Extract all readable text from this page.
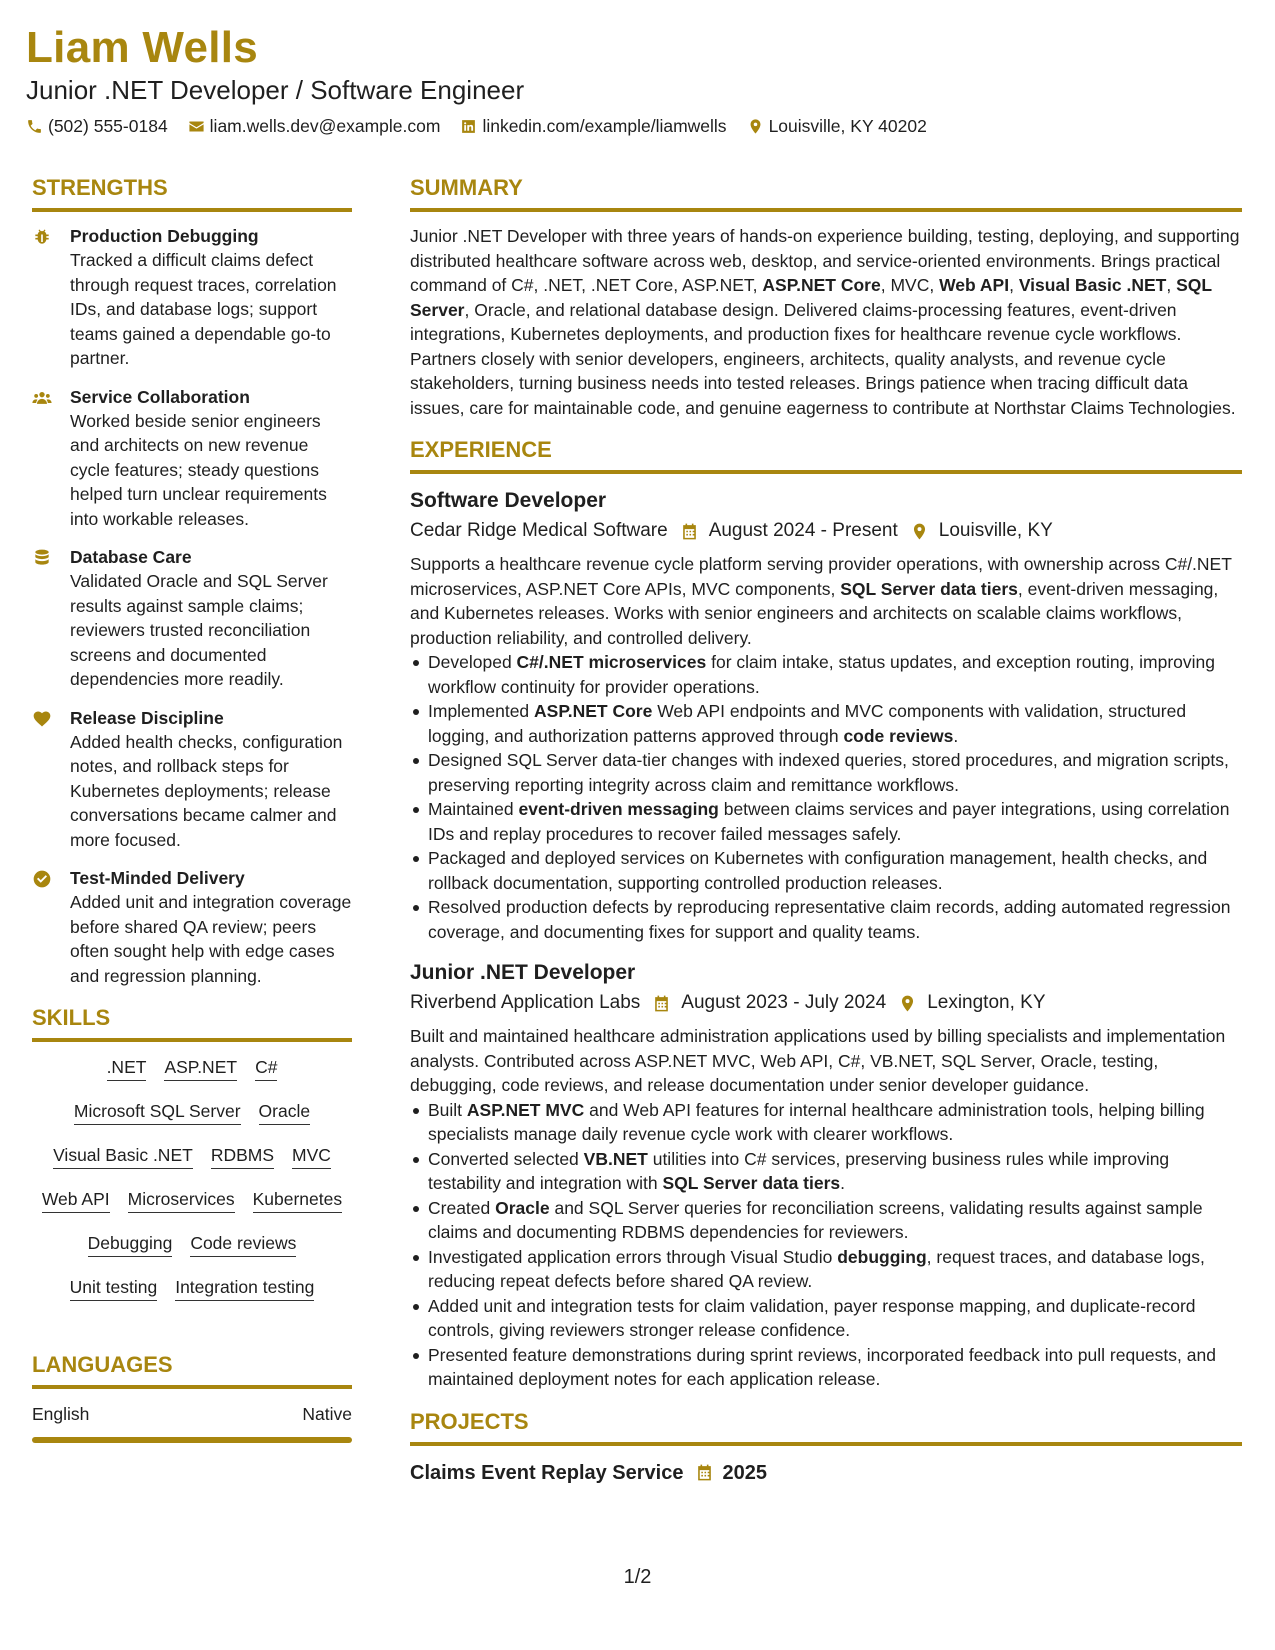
Liam Wells
Junior .NET Developer / Software Engineer
(502) 555-0184 liam.wells.dev@example.com linkedin.com/example/liamwells Louisville, KY 40202
STRENGTHS
Production Debugging
Tracked a difficult claims defect through request traces, correlation IDs, and database logs; support teams gained a dependable go-to partner.
Service Collaboration
Worked beside senior engineers and architects on new revenue cycle features; steady questions helped turn unclear requirements into workable releases.
Database Care
Validated Oracle and SQL Server results against sample claims; reviewers trusted reconciliation screens and documented dependencies more readily.
Release Discipline
Added health checks, configuration notes, and rollback steps for Kubernetes deployments; release conversations became calmer and more focused.
Test-Minded Delivery
Added unit and integration coverage before shared QA review; peers often sought help with edge cases and regression planning.
SKILLS
.NET ASP.NET C#
Microsoft SQL Server Oracle
Visual Basic .NET RDBMS MVC
Web API Microservices Kubernetes
Debugging Code reviews
Unit testing Integration testing
LANGUAGES
English	Native
SUMMARY
Junior .NET Developer with three years of hands-on experience building, testing, deploying, and supporting distributed healthcare software across web, desktop, and service-oriented environments. Brings practical command of C#, .NET, .NET Core, ASP.NET, ASP.NET Core, MVC, Web API, Visual Basic .NET, SQL Server, Oracle, and relational database design. Delivered claims-processing features, event-driven integrations, Kubernetes deployments, and production fixes for healthcare revenue cycle workflows. Partners closely with senior developers, engineers, architects, quality analysts, and revenue cycle stakeholders, turning business needs into tested releases. Brings patience when tracing difficult data issues, care for maintainable code, and genuine eagerness to contribute at Northstar Claims Technologies.
EXPERIENCE
Software Developer
Cedar Ridge Medical Software August 2024 - Present Louisville, KY
Supports a healthcare revenue cycle platform serving provider operations, with ownership across C#/.NET microservices, ASP.NET Core APIs, MVC components, SQL Server data tiers, event-driven messaging, and Kubernetes releases. Works with senior engineers and architects on scalable claims workflows, production reliability, and controlled delivery.
Developed C#/.NET microservices for claim intake, status updates, and exception routing, improving workflow continuity for provider operations.
Implemented ASP.NET Core Web API endpoints and MVC components with validation, structured logging, and authorization patterns approved through code reviews.
Designed SQL Server data-tier changes with indexed queries, stored procedures, and migration scripts, preserving reporting integrity across claim and remittance workflows.
Maintained event-driven messaging between claims services and payer integrations, using correlation IDs and replay procedures to recover failed messages safely.
Packaged and deployed services on Kubernetes with configuration management, health checks, and rollback documentation, supporting controlled production releases.
Resolved production defects by reproducing representative claim records, adding automated regression coverage, and documenting fixes for support and quality teams.
Junior .NET Developer
Riverbend Application Labs August 2023 - July 2024 Lexington, KY
Built and maintained healthcare administration applications used by billing specialists and implementation analysts. Contributed across ASP.NET MVC, Web API, C#, VB.NET, SQL Server, Oracle, testing, debugging, code reviews, and release documentation under senior developer guidance.
Built ASP.NET MVC and Web API features for internal healthcare administration tools, helping billing specialists manage daily revenue cycle work with clearer workflows.
Converted selected VB.NET utilities into C# services, preserving business rules while improving testability and integration with SQL Server data tiers.
Created Oracle and SQL Server queries for reconciliation screens, validating results against sample claims and documenting RDBMS dependencies for reviewers.
Investigated application errors through Visual Studio debugging, request traces, and database logs, reducing repeat defects before shared QA review.
Added unit and integration tests for claim validation, payer response mapping, and duplicate-record controls, giving reviewers stronger release confidence.
Presented feature demonstrations during sprint reviews, incorporated feedback into pull requests, and maintained deployment notes for each application release.
PROJECTS
Claims Event Replay Service 2025
1/2
